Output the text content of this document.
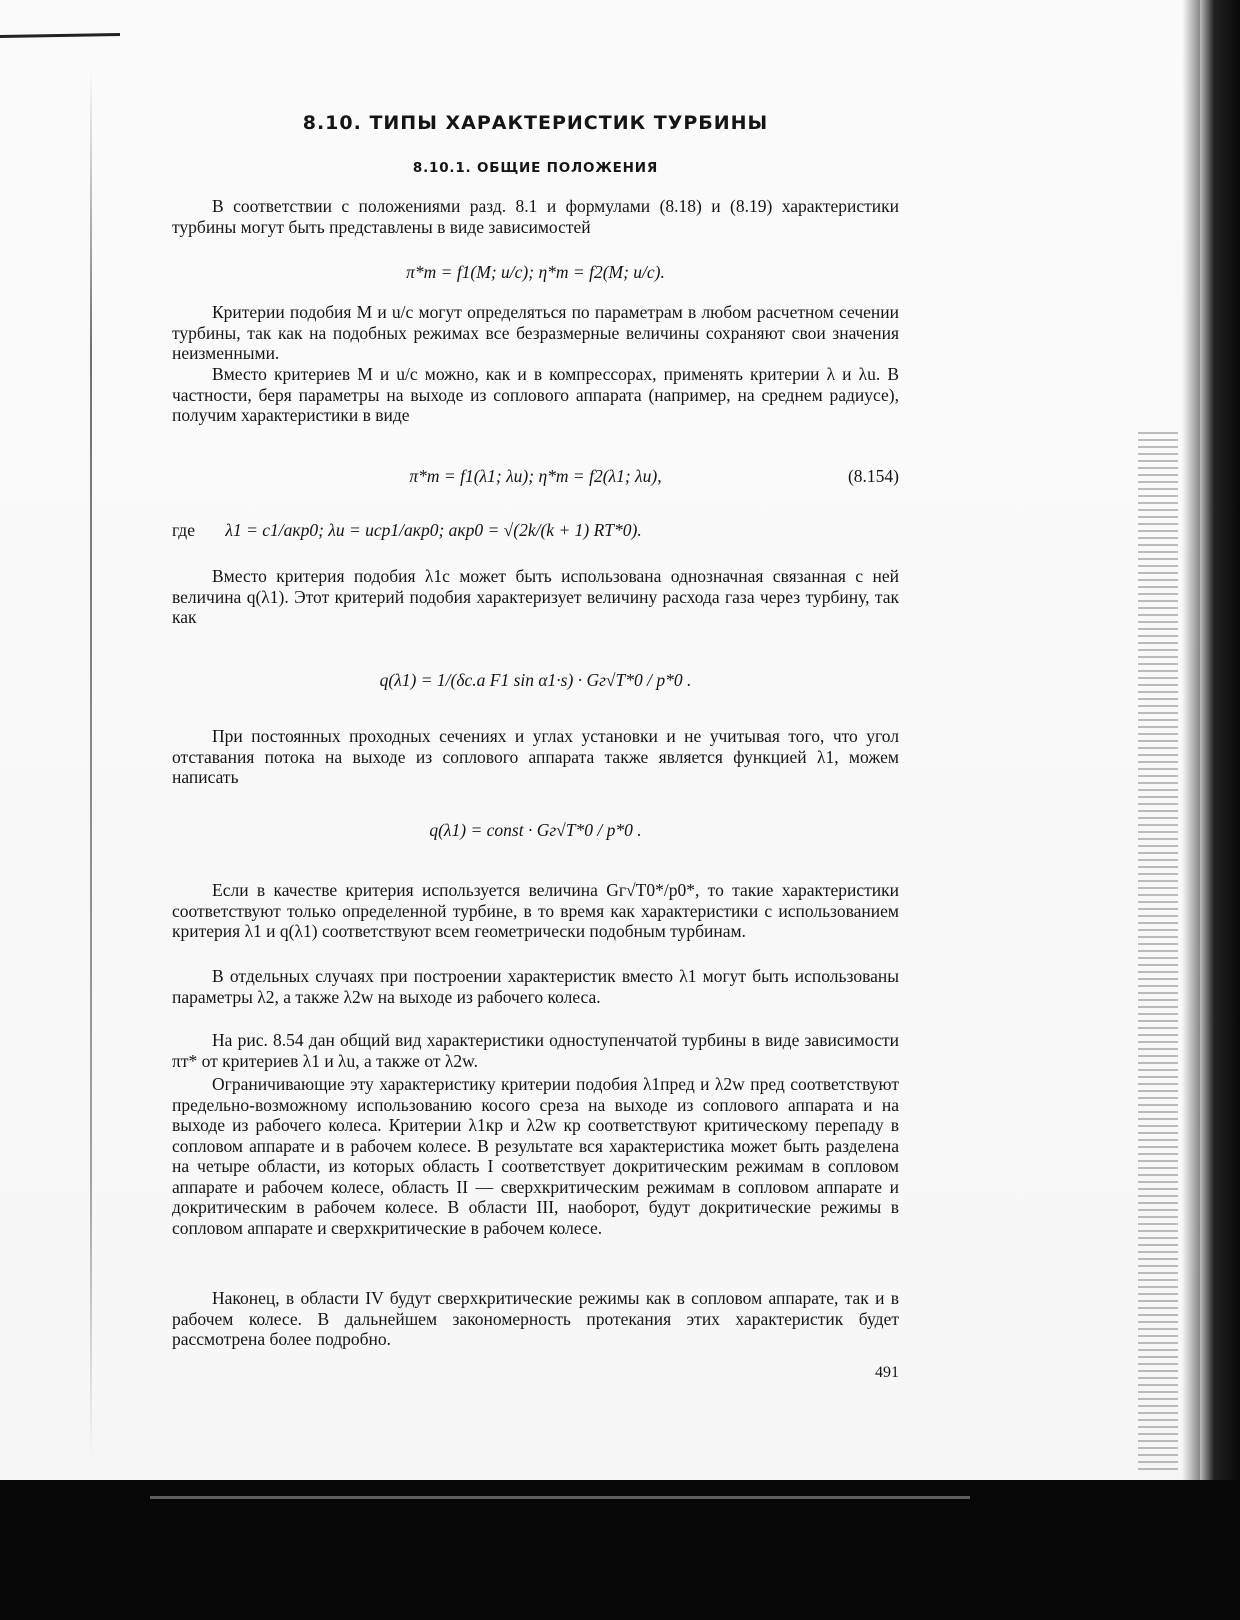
8.10. ТИПЫ ХАРАКТЕРИСТИК ТУРБИНЫ
8.10.1. ОБЩИЕ ПОЛОЖЕНИЯ

В соответствии с положениями разд. 8.1 и формулами (8.18) и (8.19) характеристики турбины могут быть представлены в виде зависимостей

π*т = f1(M; u/c); η*т = f2(M; u/c).

Критерии подобия M и u/c могут определяться по параметрам в любом расчетном сечении турбины, так как на подобных режимах все безразмерные величины сохраняют свои значения неизменными.

Вместо критериев M и u/c можно, как и в компрессорах, применять критерии λ и λu. В частности, беря параметры на выходе из соплового аппарата (например, на среднем радиусе), получим характеристики в виде

π*т = f1(λ1; λu); η*т = f2(λ1; λu),	(8.154)
где λ1 = c1/aкр0; λu = uср1/aкр0; aкр0 = √(2k/(k + 1) RT*0).

Вместо критерия подобия λ1c может быть использована однозначная связанная с ней величина q(λ1). Этот критерий подобия характеризует величину расхода газа через турбину, так как

q(λ1) = 1/(δc.a F1 sin α1·s) · Gг√T*0 / p*0 .

При постоянных проходных сечениях и углах установки и не учитывая того, что угол отставания потока на выходе из соплового аппарата также является функцией λ1, можем написать

q(λ1) = const · Gг√T*0 / p*0 .

Если в качестве критерия используется величина Gг√T0*/p0*, то такие характеристики соответствуют только определенной турбине, в то время как характеристики с использованием критерия λ1 и q(λ1) соответствуют всем геометрически подобным турбинам.

В отдельных случаях при построении характеристик вместо λ1 могут быть использованы параметры λ2, а также λ2w на выходе из рабочего колеса.

На рис. 8.54 дан общий вид характеристики одноступенчатой турбины в виде зависимости πт* от критериев λ1 и λu, а также от λ2w.

Ограничивающие эту характеристику критерии подобия λ1пред и λ2w пред соответствуют предельно-возможному использованию косого среза на выходе из соплового аппарата и на выходе из рабочего колеса. Критерии λ1кр и λ2w кр соответствуют критическому перепаду в сопловом аппарате и в рабочем колесе. В результате вся характеристика может быть разделена на четыре области, из которых область I соответствует докритическим режимам в сопловом аппарате и рабочем колесе, область II — сверхкритическим режимам в сопловом аппарате и докритическим в рабочем колесе. В области III, наоборот, будут докритические режимы в сопловом аппарате и сверхкритические в рабочем колесе.

Наконец, в области IV будут сверхкритические режимы как в сопловом аппарате, так и в рабочем колесе. В дальнейшем закономерность протекания этих характеристик будет рассмотрена более подробно.

491
